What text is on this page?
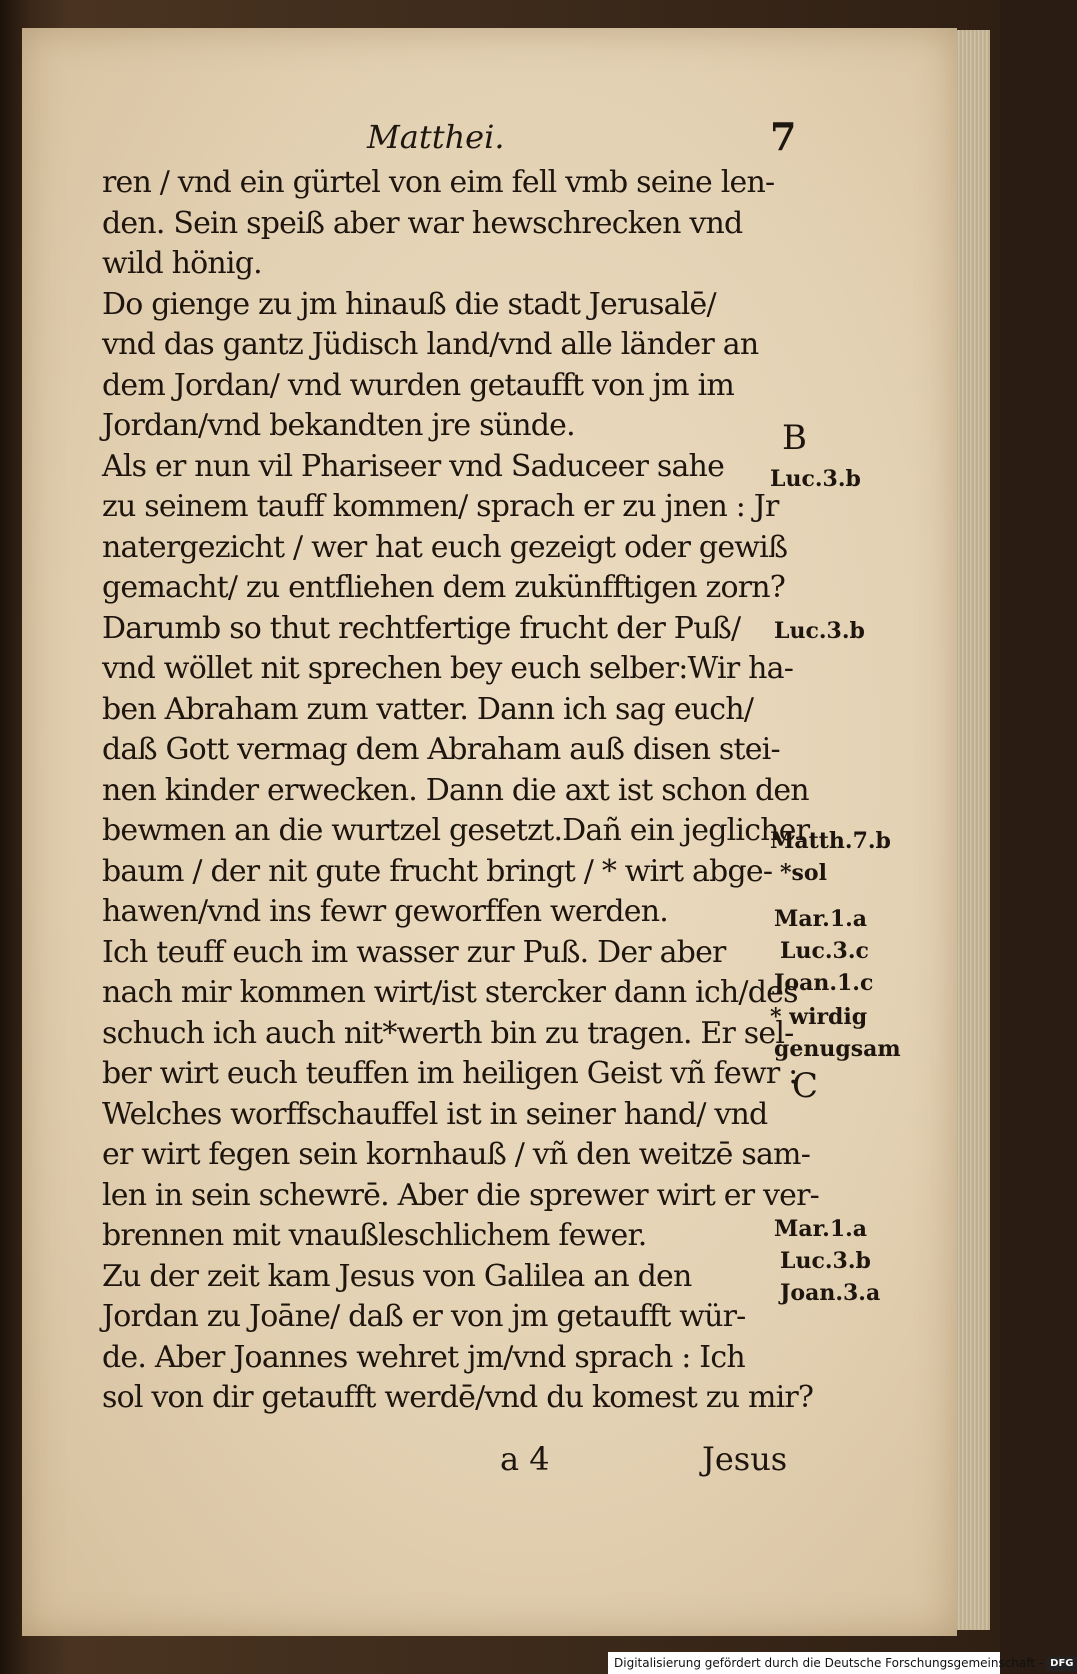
Matthei.	7
ren / vnd ein gürtel von eim fell vmb seine len-
den. Sein speiß aber war hewschrecken vnd
wild hönig.
Do gienge zu jm hinauß die stadt Jerusalē/
vnd das gantz Jüdisch land/vnd alle länder an
dem Jordan/ vnd wurden getaufft von jm im
Jordan/vnd bekandten jre sünde.
Als er nun vil Phariseer vnd Saduceer sahe
zu seinem tauff kommen/ sprach er zu jnen : Jr
natergezicht / wer hat euch gezeigt oder gewiß
gemacht/ zu entfliehen dem zukünfftigen zorn?
Darumb so thut rechtfertige frucht der Puß/
vnd wöllet nit sprechen bey euch selber:Wir ha-
ben Abraham zum vatter. Dann ich sag euch/
daß Gott vermag dem Abraham auß disen stei-
nen kinder erwecken. Dann die axt ist schon den
bewmen an die wurtzel gesetzt.Dañ ein jeglicher
baum / der nit gute frucht bringt / * wirt abge-
hawen/vnd ins fewr geworffen werden.
Ich teuff euch im wasser zur Puß. Der aber
nach mir kommen wirt/ist stercker dann ich/des
schuch ich auch nit*werth bin zu tragen. Er sel-
ber wirt euch teuffen im heiligen Geist vñ fewr :
Welches worffschauffel ist in seiner hand/ vnd
er wirt fegen sein kornhauß / vñ den weitzē sam-
len in sein schewrē. Aber die sprewer wirt er ver-
brennen mit vnaußleschlichem fewer.
Zu der zeit kam Jesus von Galilea an den
Jordan zu Joāne/ daß er von jm getaufft wür-
de. Aber Joannes wehret jm/vnd sprach : Ich
sol von dir getaufft werdē/vnd du komest zu mir?
B
Luc.3.b
Luc.3.b
Matth.7.b
*sol
Mar.1.a
Luc.3.c
Joan.1.c
* wirdig
genugsam
C
Mar.1.a
Luc.3.b
Joan.3.a
a 4	Jesus
Digitalisierung gefördert durch die Deutsche Forschungsgemeinschaft - DFG
